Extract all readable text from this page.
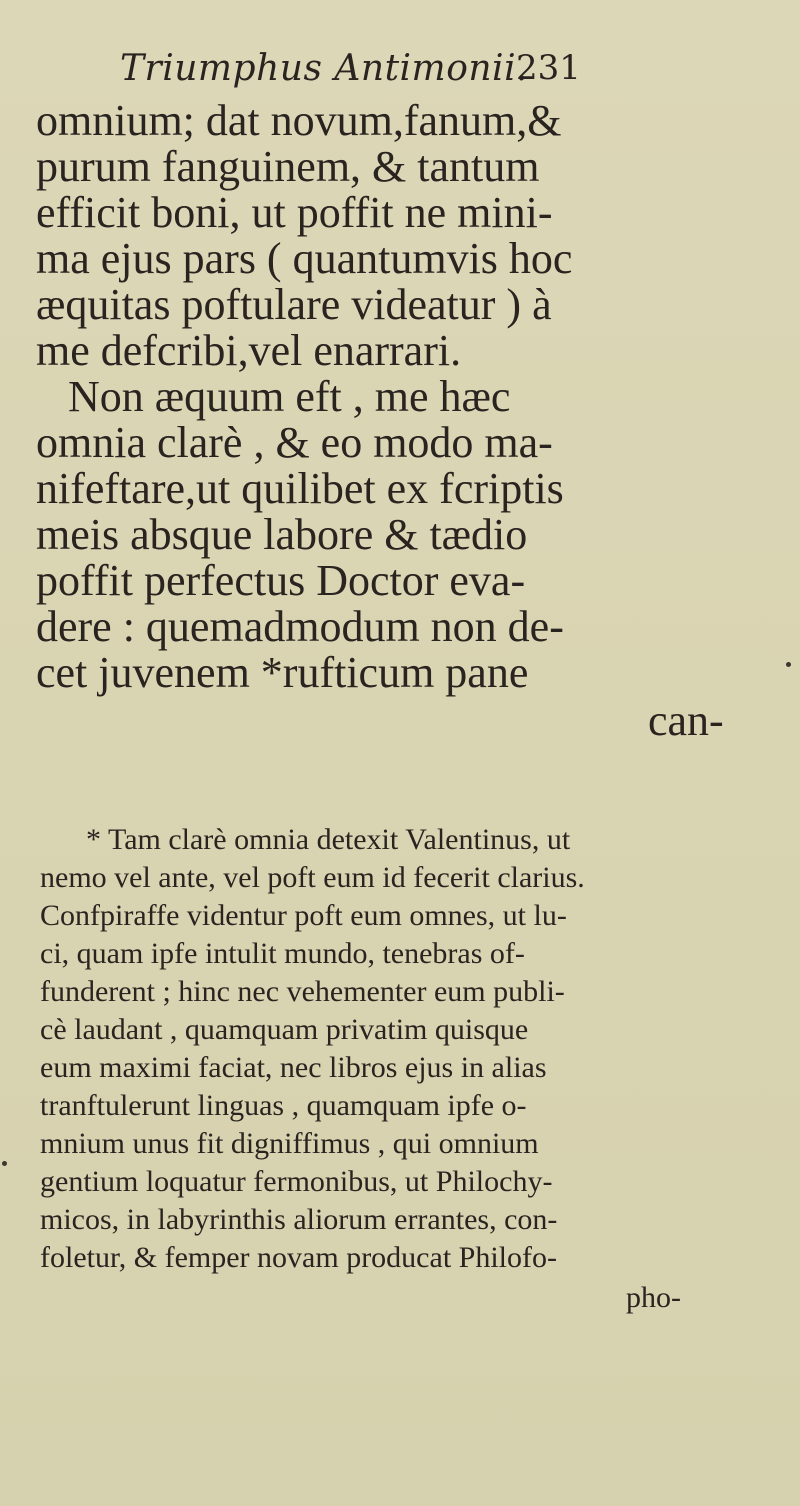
Triumphus Antimonii.
231
omnium; dat novum,fanum,&
purum fanguinem, & tantum
efficit boni, ut poffit ne mini-
ma ejus pars ( quantumvis hoc
æquitas poftulare videatur ) à
me defcribi,vel enarrari.
Non æquum eft , me hæc
omnia clarè , & eo modo ma-
nifeftare,ut quilibet ex fcriptis
meis absque labore & tædio
poffit perfectus Doctor eva-
dere : quemadmodum non de-
cet juvenem *rufticum pane
can-
* Tam clarè omnia detexit Valentinus, ut
nemo vel ante, vel poft eum id fecerit clarius.
Confpiraffe videntur poft eum omnes, ut lu-
ci, quam ipfe intulit mundo, tenebras of-
funderent ; hinc nec vehementer eum publi-
cè laudant , quamquam privatim quisque
eum maximi faciat, nec libros ejus in alias
tranftulerunt linguas , quamquam ipfe o-
mnium unus fit digniffimus , qui omnium
gentium loquatur fermonibus, ut Philochy-
micos, in labyrinthis aliorum errantes, con-
foletur, & femper novam producat Philofo-
pho-
